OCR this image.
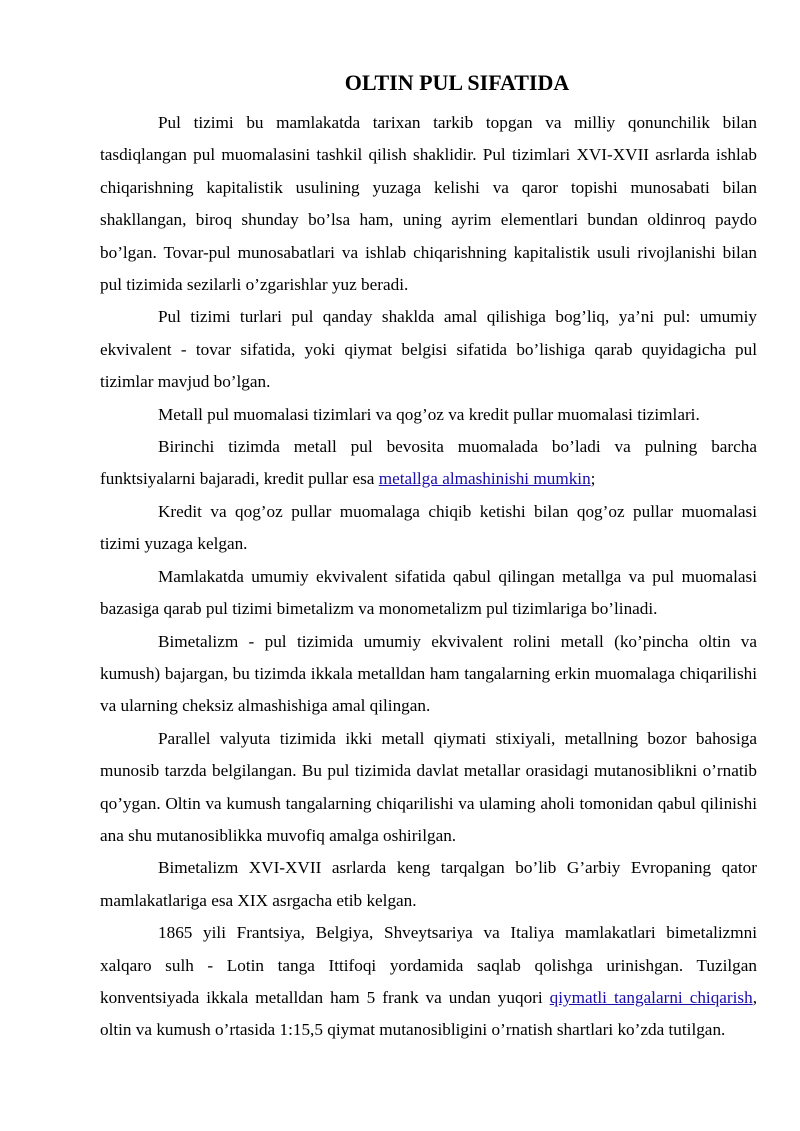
OLTIN PUL SIFATIDA

Pul tizimi bu mamlakatda tarixan tarkib topgan va milliy qonunchilik bilan tasdiqlangan pul muomalasini tashkil qilish shaklidir. Pul tizimlari XVI-XVII asrlarda ishlab chiqarishning kapitalistik usulining yuzaga kelishi va qaror topishi munosabati bilan shakllangan, biroq shunday bo’lsa ham, uning ayrim elementlari bundan oldinroq paydo bo’lgan. Tovar-pul munosabatlari va ishlab chiqarishning kapitalistik usuli rivojlanishi bilan pul tizimida sezilarli o’zgarishlar yuz beradi.

Pul tizimi turlari pul qanday shaklda amal qilishiga bog’liq, ya’ni pul: umumiy ekvivalent - tovar sifatida, yoki qiymat belgisi sifatida bo’lishiga qarab quyidagicha pul tizimlar mavjud bo’lgan.

Metall pul muomalasi tizimlari va qog’oz va kredit pullar muomalasi tizimlari.

Birinchi tizimda metall pul bevosita muomalada bo’ladi va pulning barcha funktsiyalarni bajaradi, kredit pullar esa metallga almashinishi mumkin;

Kredit va qog’oz pullar muomalaga chiqib ketishi bilan qog’oz pullar muomalasi tizimi yuzaga kelgan.

Mamlakatda umumiy ekvivalent sifatida qabul qilingan metallga va pul muomalasi bazasiga qarab pul tizimi bimetalizm va monometalizm pul tizimlariga bo’linadi.

Bimetalizm - pul tizimida umumiy ekvivalent rolini metall (ko’pincha oltin va kumush) bajargan, bu tizimda ikkala metalldan ham tangalarning erkin muomalaga chiqarilishi va ularning cheksiz almashishiga amal qilingan.

Parallel valyuta tizimida ikki metall qiymati stixiyali, metallning bozor bahosiga munosib tarzda belgilangan. Bu pul tizimida davlat metallar orasidagi mutanosiblikni o’rnatib qo’ygan. Oltin va kumush tangalarning chiqarilishi va ulaming aholi tomonidan qabul qilinishi ana shu mutanosiblikka muvofiq amalga oshirilgan.

Bimetalizm XVI-XVII asrlarda keng tarqalgan bo’lib G’arbiy Evropaning qator mamlakatlariga esa XIX asrgacha etib kelgan.

1865 yili Frantsiya, Belgiya, Shveytsariya va Italiya mamlakatlari bimetalizmni xalqaro sulh - Lotin tanga Ittifoqi yordamida saqlab qolishga urinishgan. Tuzilgan konventsiyada ikkala metalldan ham 5 frank va undan yuqori qiymatli tangalarni chiqarish, oltin va kumush o’rtasida 1:15,5 qiymat mutanosibligini o’rnatish shartlari ko’zda tutilgan.
